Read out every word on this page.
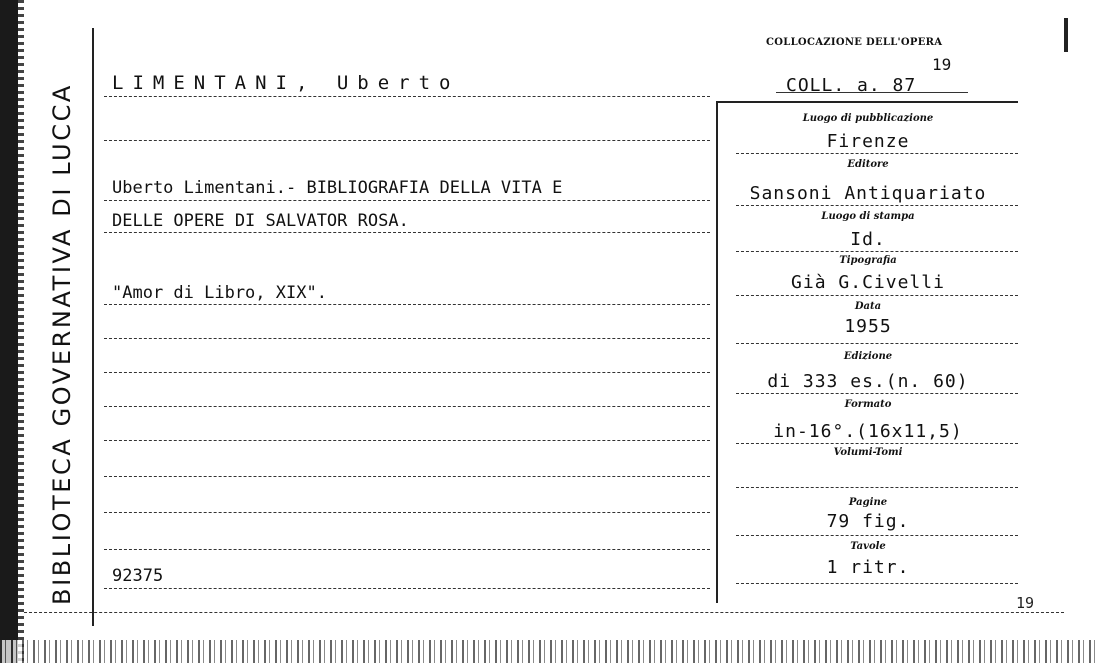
BIBLIOTECA GOVERNATIVA DI LUCCA
COLLOCAZIONE DELL'OPERA
19
COLL. a. 87
LIMENTANI, Uberto
Uberto Limentani.- BIBLIOGRAFIA DELLA VITA E
DELLE OPERE DI SALVATOR ROSA.
"Amor di Libro, XIX".
92375
Luogo di pubblicazione
Firenze
Editore
Sansoni Antiquariato
Luogo di stampa
Id.
Tipografia
Già G.Civelli
Data
1955
Edizione
di 333 es.(n. 60)
Formato
in-16°.(16x11,5)
Volumi-Tomi
Pagine
79 fig.
Tavole
1 ritr.
19
